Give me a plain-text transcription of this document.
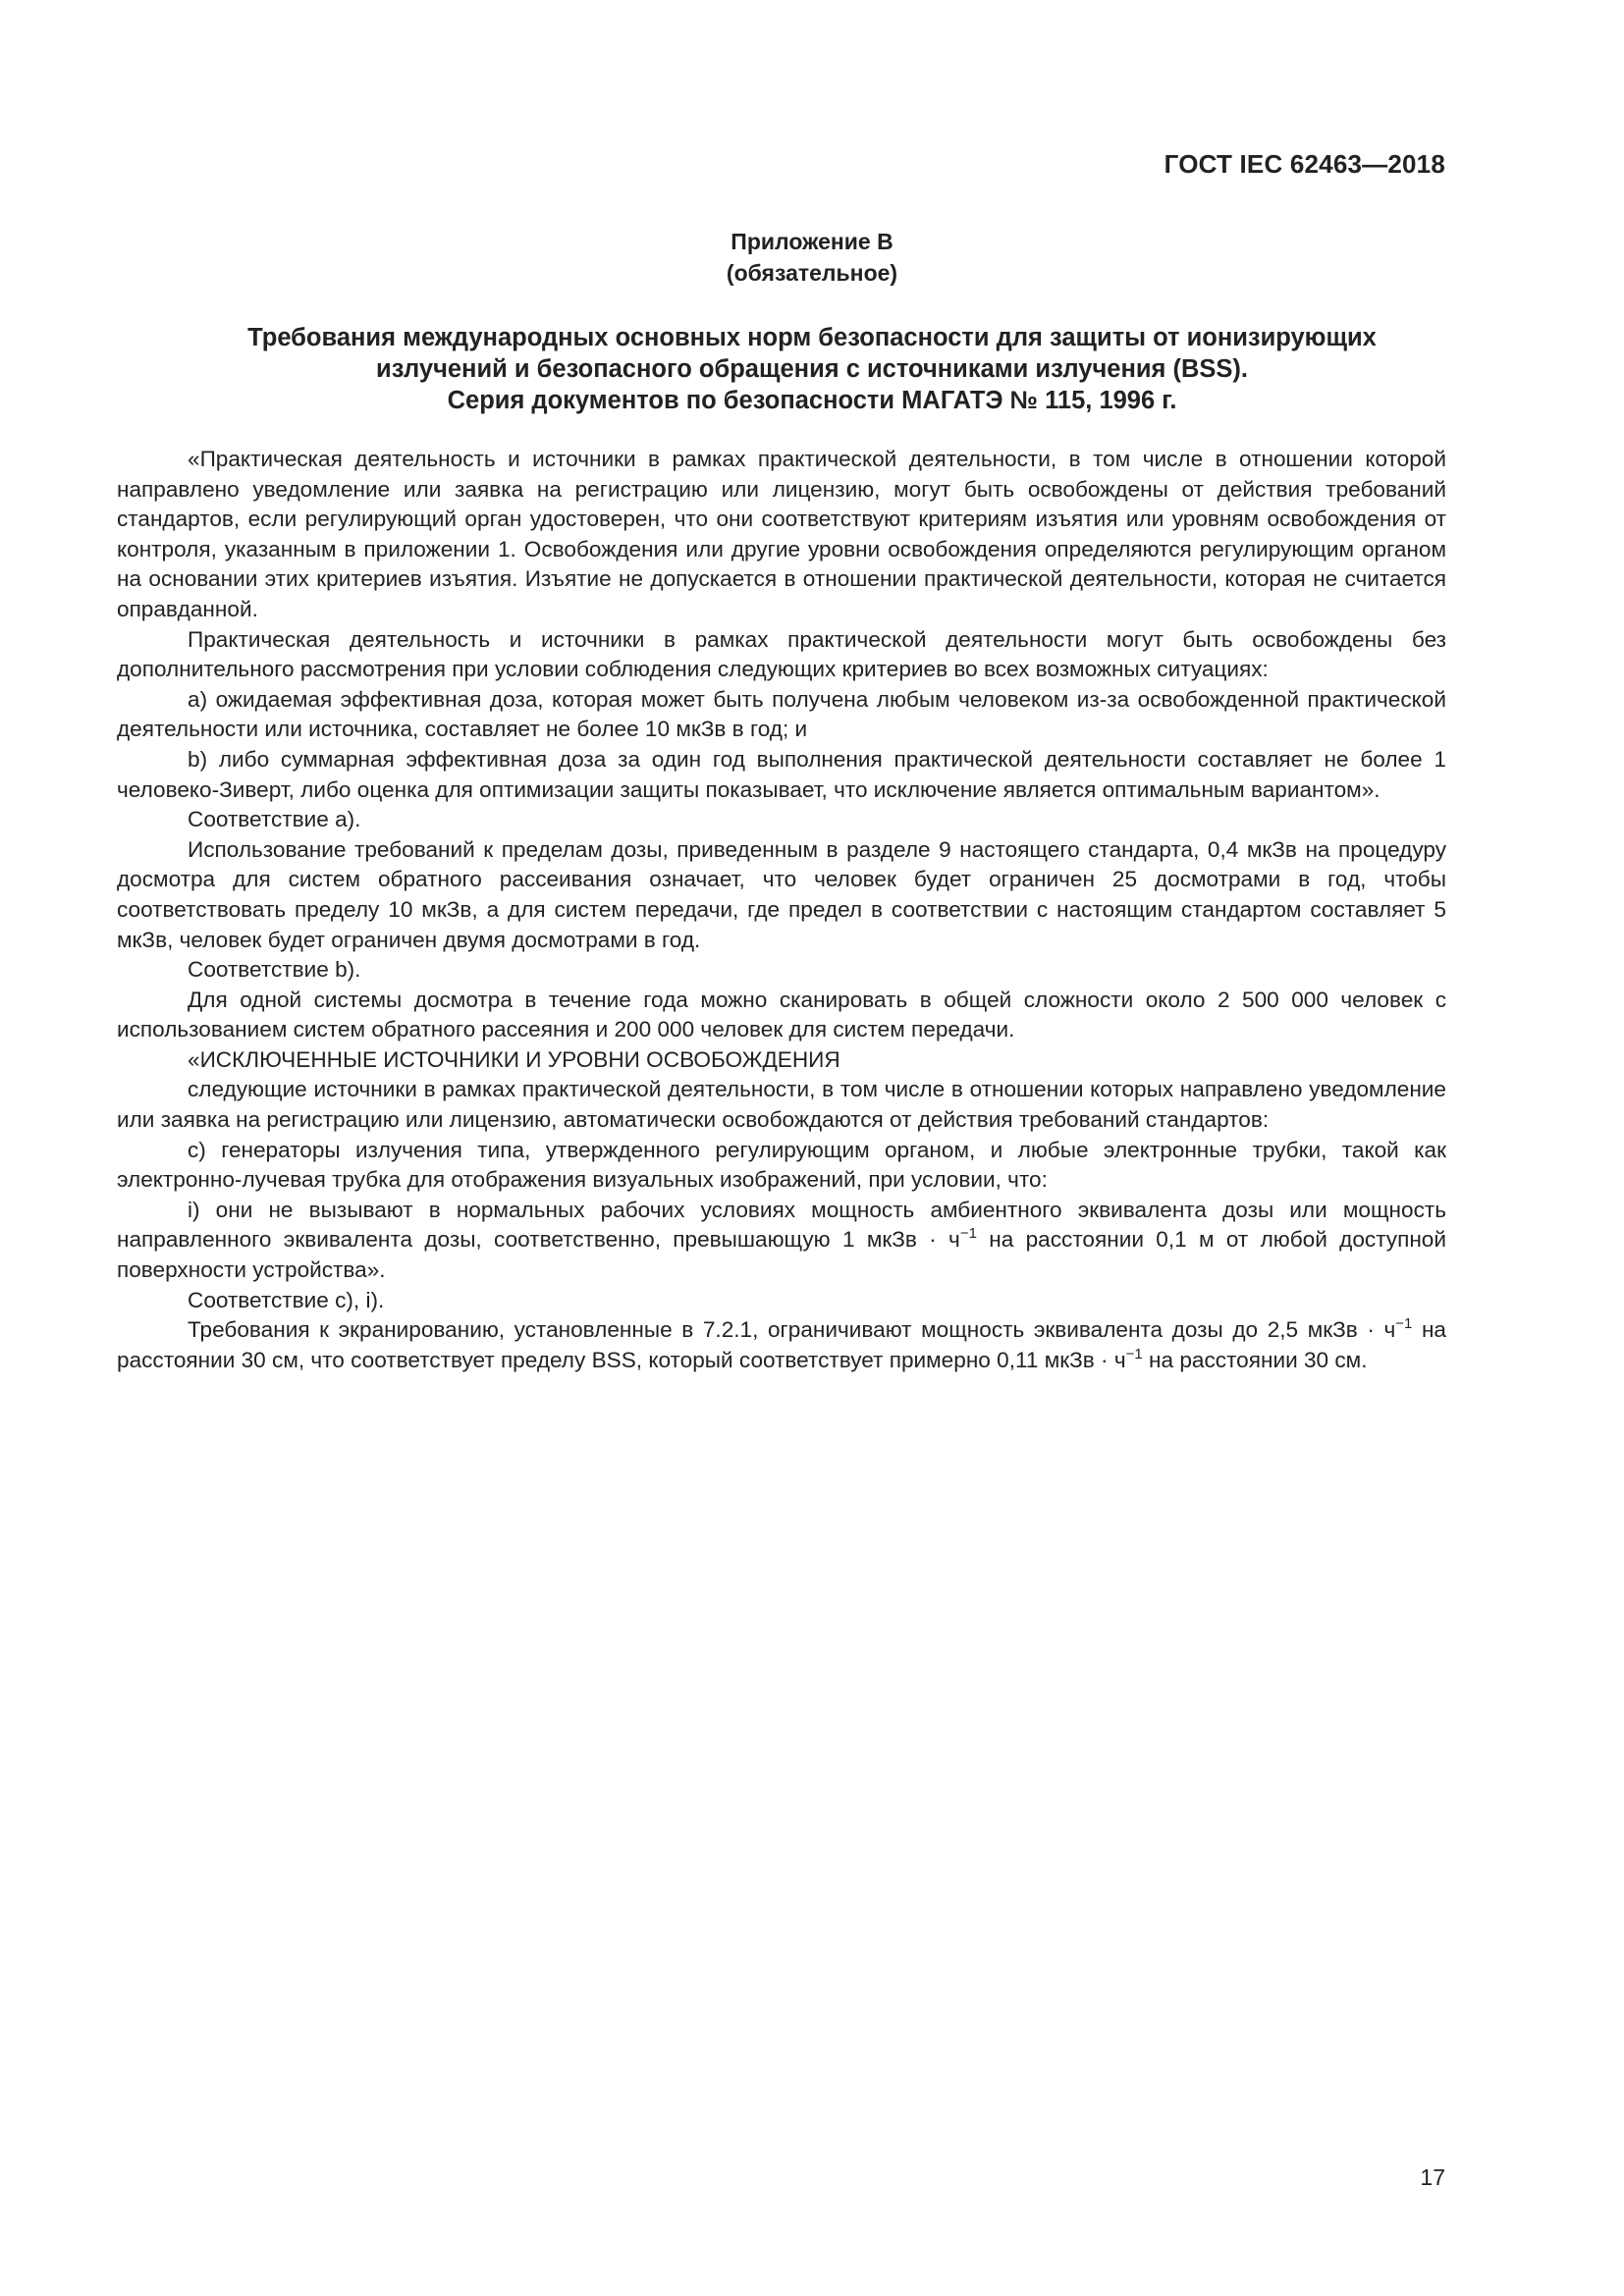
ГОСТ IEC 62463—2018
Приложение В
(обязательное)
Требования международных основных норм безопасности для защиты от ионизирующих
излучений и безопасного обращения с источниками излучения (BSS).
Серия документов по безопасности МАГАТЭ № 115, 1996 г.

«Практическая деятельность и источники в рамках практической деятельности, в том числе в отношении которой направлено уведомление или заявка на регистрацию или лицензию, могут быть освобождены от действия требований стандартов, если регулирующий орган удостоверен, что они соответствуют критериям изъятия или уровням освобождения от контроля, указанным в приложении 1. Освобождения или другие уровни освобождения определяются регулирующим органом на основании этих критериев изъятия. Изъятие не допускается в отношении практической деятельности, которая не считается оправданной.

Практическая деятельность и источники в рамках практической деятельности могут быть освобождены без дополнительного рассмотрения при условии соблюдения следующих критериев во всех возможных ситуациях:

а) ожидаемая эффективная доза, которая может быть получена любым человеком из-за освобожденной практической деятельности или источника, составляет не более 10 мкЗв в год; и

b) либо суммарная эффективная доза за один год выполнения практической деятельности составляет не более 1 человеко-Зиверт, либо оценка для оптимизации защиты показывает, что исключение является оптимальным вариантом».

Соответствие а).

Использование требований к пределам дозы, приведенным в разделе 9 настоящего стандарта, 0,4 мкЗв на процедуру досмотра для систем обратного рассеивания означает, что человек будет ограничен 25 досмотрами в год, чтобы соответствовать пределу 10 мкЗв, а для систем передачи, где предел в соответствии с настоящим стандартом составляет 5 мкЗв, человек будет ограничен двумя досмотрами в год.

Соответствие b).

Для одной системы досмотра в течение года можно сканировать в общей сложности около 2 500 000 человек с использованием систем обратного рассеяния и 200 000 человек для систем передачи.

«ИСКЛЮЧЕННЫЕ ИСТОЧНИКИ И УРОВНИ ОСВОБОЖДЕНИЯ

следующие источники в рамках практической деятельности, в том числе в отношении которых направлено уведомление или заявка на регистрацию или лицензию, автоматически освобождаются от действия требований стандартов:

с) генераторы излучения типа, утвержденного регулирующим органом, и любые электронные трубки, такой как электронно-лучевая трубка для отображения визуальных изображений, при условии, что:

i) они не вызывают в нормальных рабочих условиях мощность амбиентного эквивалента дозы или мощность направленного эквивалента дозы, соответственно, превышающую 1 мкЗв · $ч^{-1}$ на расстоянии 0,1 м от любой доступной поверхности устройства».

Соответствие с), i).

Требования к экранированию, установленные в 7.2.1, ограничивают мощность эквивалента дозы до 2,5 мкЗв · $ч^{-1}$ на расстоянии 30 см, что соответствует пределу BSS, который соответствует примерно 0,11 мкЗв · $ч^{-1}$ на расстоянии 30 см.

17
